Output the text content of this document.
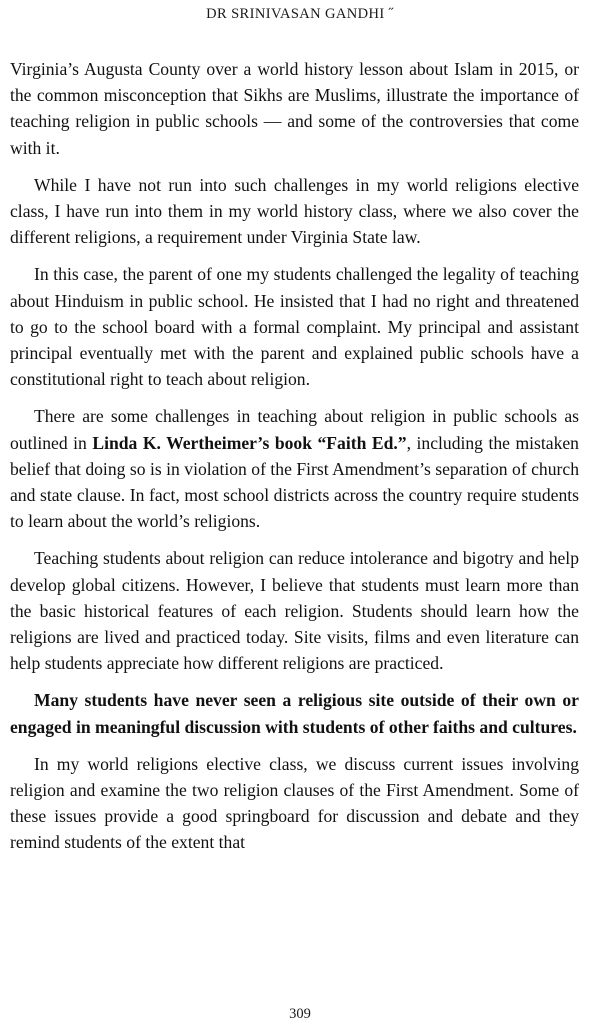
DR SRINIVASAN GANDHI ˝

Virginia’s Augusta County over a world history lesson about Islam in 2015, or the common misconception that Sikhs are Muslims, illustrate the importance of teaching religion in public schools — and some of the controversies that come with it.

While I have not run into such challenges in my world religions elective class, I have run into them in my world history class, where we also cover the different religions, a requirement under Virginia State law.

In this case, the parent of one my students challenged the legality of teaching about Hinduism in public school. He insisted that I had no right and threatened to go to the school board with a formal complaint. My principal and assistant principal eventually met with the parent and explained public schools have a constitutional right to teach about religion.

There are some challenges in teaching about religion in public schools as outlined in Linda K. Wertheimer’s book “Faith Ed.”, including the mistaken belief that doing so is in violation of the First Amendment’s separation of church and state clause. In fact, most school districts across the country require students to learn about the world’s religions.

Teaching students about religion can reduce intolerance and bigotry and help develop global citizens. However, I believe that students must learn more than the basic historical features of each religion. Students should learn how the religions are lived and practiced today. Site visits, films and even literature can help students appreciate how different religions are practiced.

Many students have never seen a religious site outside of their own or engaged in meaningful discussion with students of other faiths and cultures.

In my world religions elective class, we discuss current issues involving religion and examine the two religion clauses of the First Amendment. Some of these issues provide a good springboard for discussion and debate and they remind students of the extent that

309
